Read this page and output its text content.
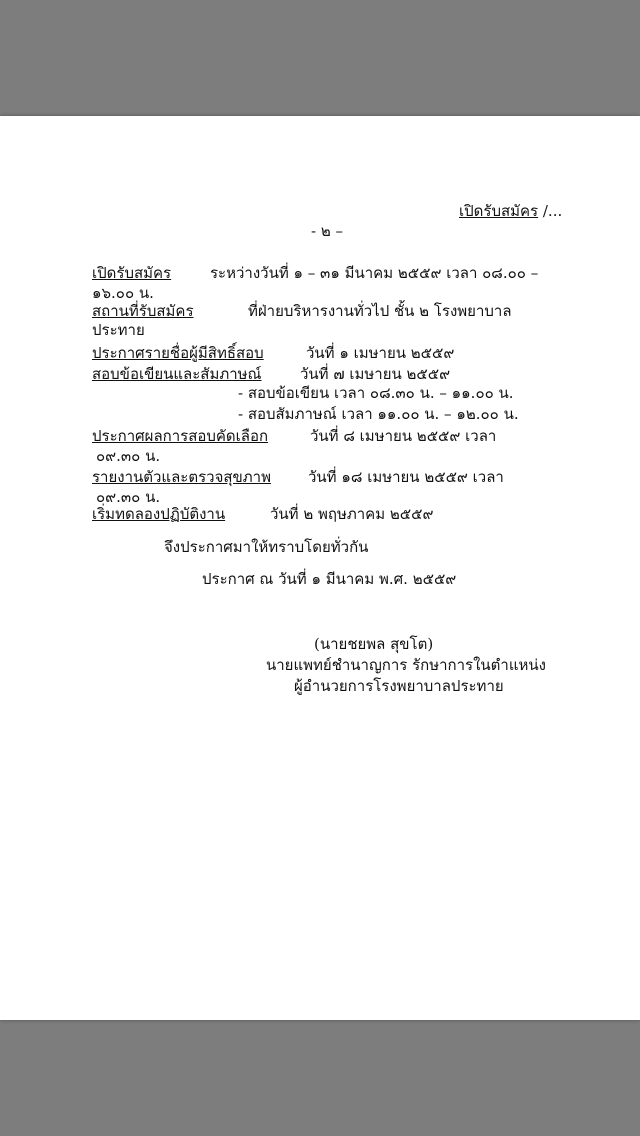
เปิดรับสมัคร /...
- ๒ –
เปิดรับสมัคร	ระหว่างวันที่ ๑ – ๓๑ มีนาคม ๒๕๕๙ เวลา ๐๘.๐๐ –
๑๖.๐๐ น.
สถานที่รับสมัคร	ที่ฝ่ายบริหารงานทั่วไป ชั้น ๒ โรงพยาบาล
ประทาย
ประกาศรายชื่อผู้มีสิทธิ์สอบ	วันที่ ๑ เมษายน ๒๕๕๙
สอบข้อเขียนและสัมภาษณ์	วันที่ ๗ เมษายน ๒๕๕๙
- สอบข้อเขียน เวลา ๐๘.๓๐ น. – ๑๑.๐๐ น.
- สอบสัมภาษณ์ เวลา ๑๑.๐๐ น. – ๑๒.๐๐ น.
ประกาศผลการสอบคัดเลือก	วันที่ ๘ เมษายน ๒๕๕๙ เวลา
๐๙.๓๐ น.
รายงานตัวและตรวจสุขภาพ วันที่ ๑๘ เมษายน ๒๕๕๙ เวลา
๐๙.๓๐ น.
เริ่มทดลองปฏิบัติงาน	วันที่ ๒ พฤษภาคม ๒๕๕๙
จึงประกาศมาให้ทราบโดยทั่วกัน
ประกาศ ณ วันที่ ๑ มีนาคม พ.ศ. ๒๕๕๙
(นายชยพล สุขโต)
นายแพทย์ชำนาญการ รักษาการในตำแหน่ง
ผู้อำนวยการโรงพยาบาลประทาย
